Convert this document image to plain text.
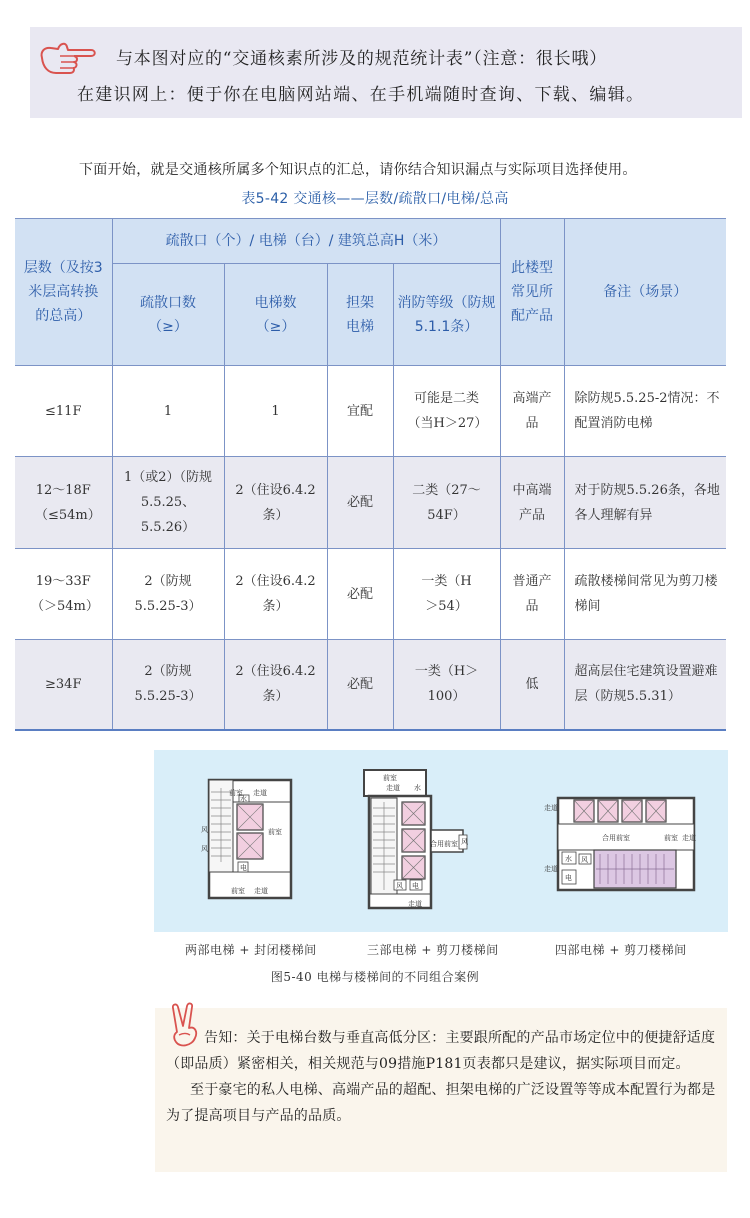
与本图对应的“交通核素所涉及的规范统计表”（注意：很长哦）
在建识网上：便于你在电脑网站端、在手机端随时查询、下载、编辑。
下面开始，就是交通核所属多个知识点的汇总，请你结合知识漏点与实际项目选择使用。
表5-42 交通核——层数/疏散口/电梯/总高
层数（及按3米层高转换的总高）	疏散口（个）/ 电梯（台）/ 建筑总高H（米）				此楼型常见所配产品	备注（场景）
	疏散口数（≥）	电梯数（≥）	担架电梯	消防等级（防规5.1.1条）		
≤11F	1	1	宜配	可能是二类（当H＞27）	高端产品	除防规5.5.25-2情况：不配置消防电梯
12～18F（≤54m）	1（或2）（防规5.5.25、5.5.26）	2（住设6.4.2条）	必配	二类（27～54F）	中高端产品	对于防规5.5.26条，各地各人理解有异
19～33F（＞54m）	2（防规5.5.25-3）	2（住设6.4.2条）	必配	一类（H＞54）	普通产品	疏散楼梯间常见为剪刀楼梯间
≥34F	2（防规5.5.25-3）	2（住设6.4.2条）	必配	一类（H＞100）	低	超高层住宅建筑设置避难层（防规5.5.31）
前室 走道
水
前室
风
风
电
前室 走道
前室
走道 水
合用前室 风
风 电
走道
走道
合用前室	前室 走道
水 风
走道
电
两部电梯 + 封闭楼梯间	三部电梯 + 剪刀楼梯间	四部电梯 + 剪刀楼梯间
图5-40 电梯与楼梯间的不同组合案例

告知：关于电梯台数与垂直高低分区：主要跟所配的产品市场定位中的便捷舒适度（即品质）紧密相关，相关规范与09措施P181页表都只是建议，据实际项目而定。

至于豪宅的私人电梯、高端产品的超配、担架电梯的广泛设置等等成本配置行为都是为了提高项目与产品的品质。
